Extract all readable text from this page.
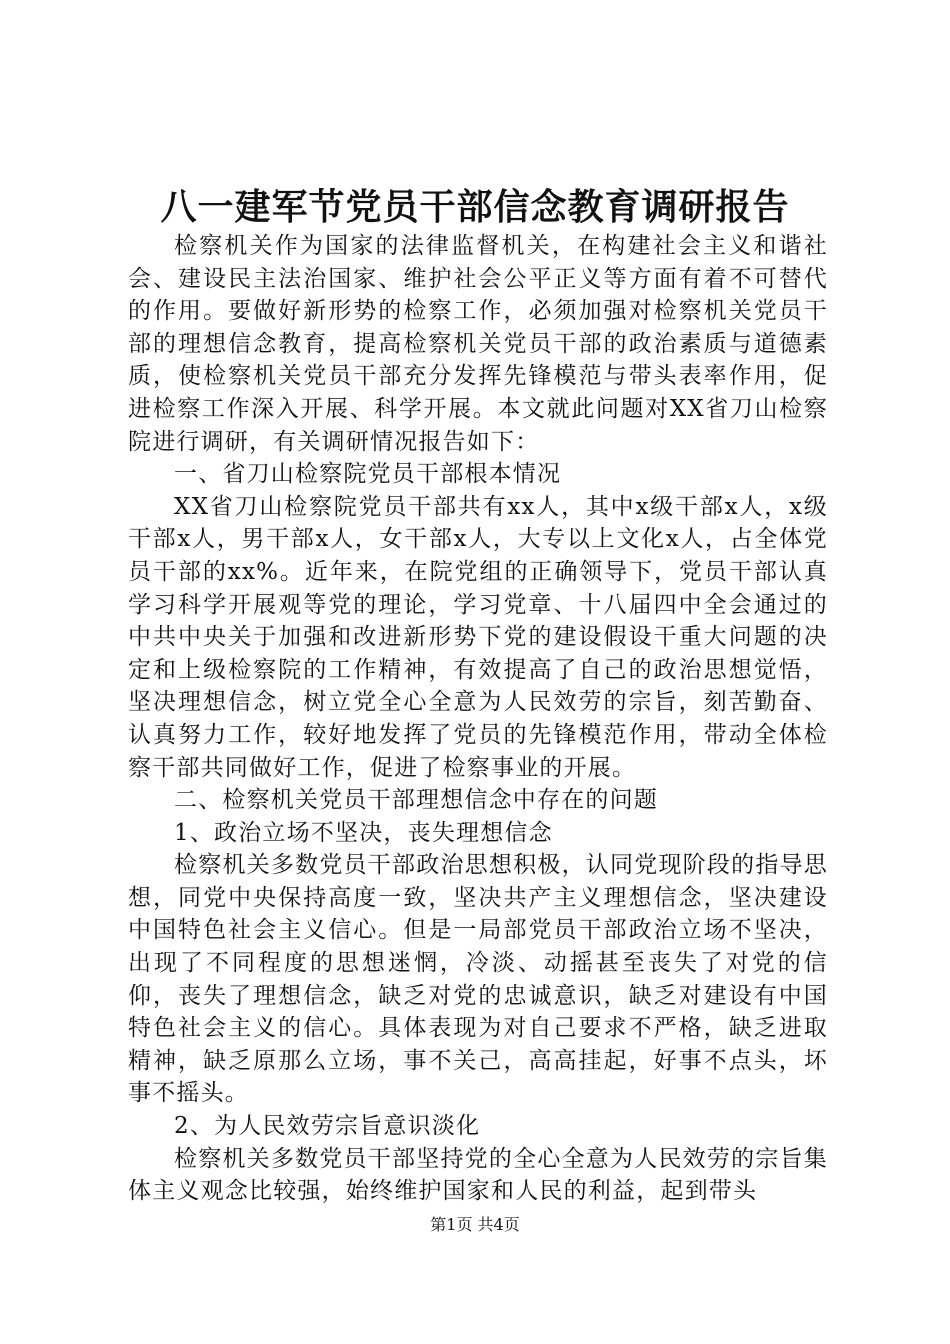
八一建军节党员干部信念教育调研报告

检察机关作为国家的法律监督机关，在构建社会主义和谐社会、建设民主法治国家、维护社会公平正义等方面有着不可替代的作用。要做好新形势的检察工作，必须加强对检察机关党员干部的理想信念教育，提高检察机关党员干部的政治素质与道德素质，使检察机关党员干部充分发挥先锋模范与带头表率作用，促进检察工作深入开展、科学开展。本文就此问题对XX省刀山检察院进行调研，有关调研情况报告如下：

一、省刀山检察院党员干部根本情况

XX省刀山检察院党员干部共有xx人，其中x级干部x人，x级干部x人，男干部x人，女干部x人，大专以上文化x人，占全体党员干部的xx%。近年来，在院党组的正确领导下，党员干部认真学习科学开展观等党的理论，学习党章、十八届四中全会通过的中共中央关于加强和改进新形势下党的建设假设干重大问题的决定和上级检察院的工作精神，有效提高了自己的政治思想觉悟，坚决理想信念，树立党全心全意为人民效劳的宗旨，刻苦勤奋、认真努力工作，较好地发挥了党员的先锋模范作用，带动全体检察干部共同做好工作，促进了检察事业的开展。

二、检察机关党员干部理想信念中存在的问题

1、政治立场不坚决，丧失理想信念

检察机关多数党员干部政治思想积极，认同党现阶段的指导思想，同党中央保持高度一致，坚决共产主义理想信念，坚决建设中国特色社会主义信心。但是一局部党员干部政治立场不坚决，出现了不同程度的思想迷惘，冷淡、动摇甚至丧失了对党的信仰，丧失了理想信念，缺乏对党的忠诚意识，缺乏对建设有中国特色社会主义的信心。具体表现为对自己要求不严格，缺乏进取精神，缺乏原那么立场，事不关己，高高挂起，好事不点头，坏事不摇头。

2、为人民效劳宗旨意识淡化

检察机关多数党员干部坚持党的全心全意为人民效劳的宗旨集体主义观念比较强，始终维护国家和人民的利益，起到带头

第1页 共4页
